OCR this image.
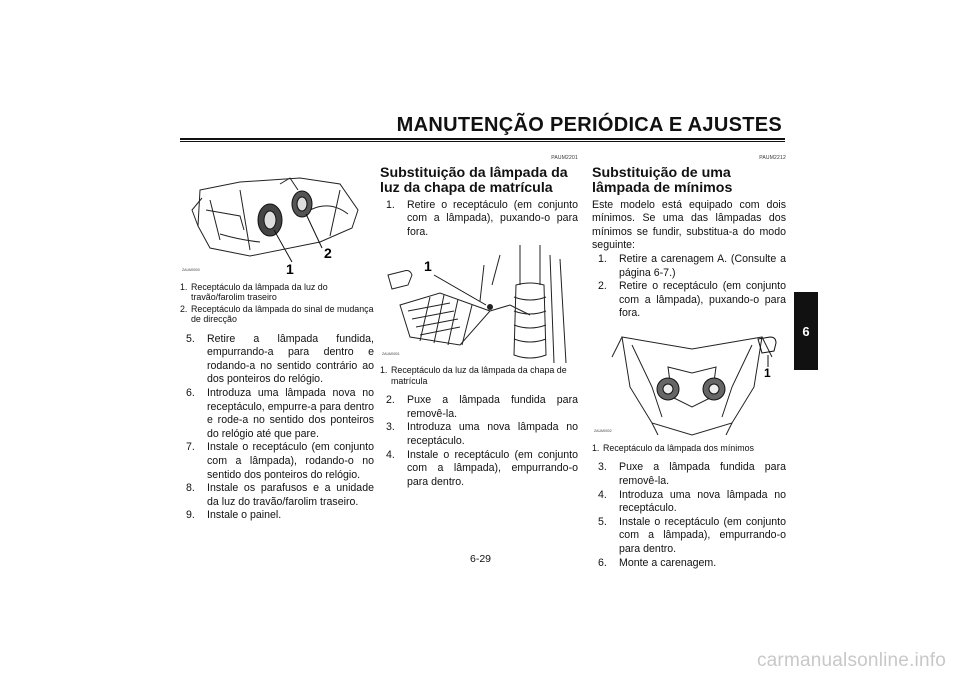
MANUTENÇÃO PERIÓDICA E AJUSTES
6
1
2
ZAUM0000
1. Receptáculo da lâmpada da luz do travão/farolim traseiro
2. Receptáculo da lâmpada do sinal de mudança de direcção
5.	Retire a lâmpada fundida, empurrando-a para dentro e rodando-a no sentido contrário ao dos ponteiros do relógio.
6.	Introduza uma lâmpada nova no receptáculo, empurre-a para dentro e rode-a no sentido dos ponteiros do relógio até que pare.
7.	Instale o receptáculo (em conjunto com a lâmpada), rodando-o no sentido dos ponteiros do relógio.
8.	Instale os parafusos e a unidade da luz do travão/farolim traseiro.
9.	Instale o painel.
PAUM2201
Substituição da lâmpada da luz da chapa de matrícula
1.	Retire o receptáculo (em conjunto com a lâmpada), puxando-o para fora.
1
ZAUM0001
1. Receptáculo da luz da lâmpada da chapa de matrícula
2.	Puxe a lâmpada fundida para removê-la.
3.	Introduza uma nova lâmpada no receptáculo.
4.	Instale o receptáculo (em conjunto com a lâmpada), empurrando-o para dentro.
PAUM2212
Substituição de uma lâmpada de mínimos
Este modelo está equipado com dois mínimos. Se uma das lâmpadas dos mínimos se fundir, substitua-a do modo seguinte:
1.	Retire a carenagem A. (Consulte a página 6-7.)
2.	Retire o receptáculo (em conjunto com a lâmpada), puxando-o para fora.
1
ZAUM0002
1. Receptáculo da lâmpada dos mínimos
3.	Puxe a lâmpada fundida para removê-la.
4.	Introduza uma nova lâmpada no receptáculo.
5.	Instale o receptáculo (em conjunto com a lâmpada), empurrando-o para dentro.
6.	Monte a carenagem.
6-29
carmanualsonline.info
